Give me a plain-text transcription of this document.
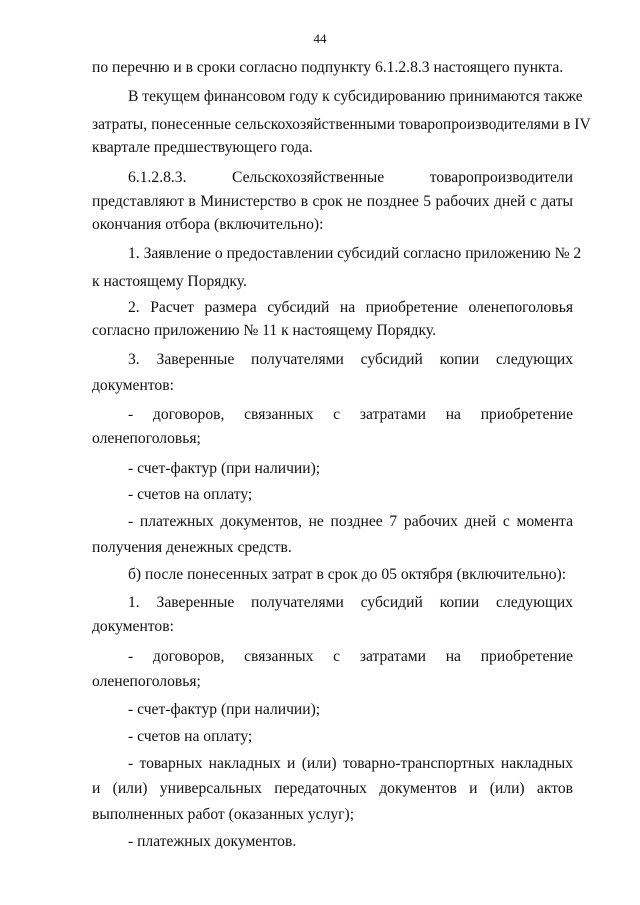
44
по перечню и в сроки согласно подпункту 6.1.2.8.3 настоящего пункта.
В текущем финансовом году к субсидированию принимаются также
затраты, понесенные сельскохозяйственными товаропроизводителями в IV
квартале предшествующего года.
6.1.2.8.3. Сельскохозяйственные товаропроизводители
представляют в Министерство в срок не позднее 5 рабочих дней с даты
окончания отбора (включительно):
1. Заявление о предоставлении субсидий согласно приложению № 2
к настоящему Порядку.
2. Расчет размера субсидий на приобретение оленепоголовья
согласно приложению № 11 к настоящему Порядку.
3. Заверенные получателями субсидий копии следующих
документов:
- договоров, связанных с затратами на приобретение
оленепоголовья;
- счет-фактур (при наличии);
- счетов на оплату;
- платежных документов, не позднее 7 рабочих дней с момента
получения денежных средств.
б) после понесенных затрат в срок до 05 октября (включительно):
1. Заверенные получателями субсидий копии следующих
документов:
- договоров, связанных с затратами на приобретение
оленепоголовья;
- счет-фактур (при наличии);
- счетов на оплату;
- товарных накладных и (или) товарно-транспортных накладных
и (или) универсальных передаточных документов и (или) актов
выполненных работ (оказанных услуг);
- платежных документов.
